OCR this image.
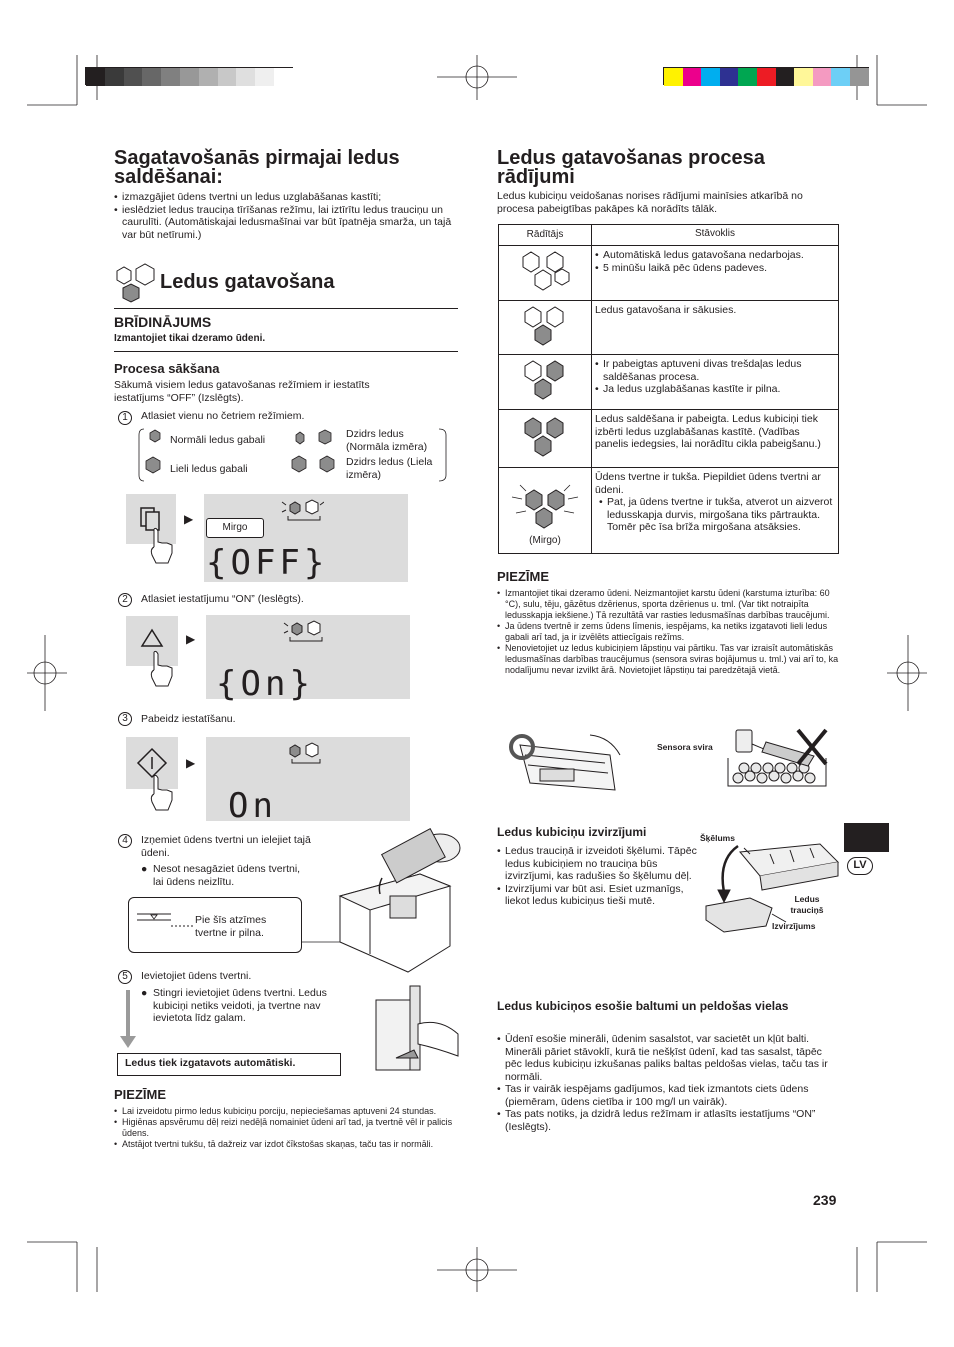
Sagatavošanās pirmajai ledus saldēšanai:
• izmazgājiet ūdens tvertni un ledus uzglabāšanas kastīti;
• ieslēdziet ledus trauciņa tīrīšanas režīmu, lai iztīrītu ledus trauciņu un caurulīti. (Automātiskajai ledusmašīnai var būt īpatnēja smarža, un tajā var būt netīrumi.)
Ledus gatavošana
BRĪDINĀJUMS
Izmantojiet tikai dzeramo ūdeni.
Procesa sākšana
Sākumā visiem ledus gatavošanas režīmiem ir iestatīts iestatījums “OFF” (Izslēgts).
1	Atlasiet vienu no četriem režīmiem.
Normāli ledus gabali
Lieli ledus gabali
Dzidrs ledus (Normāla izmēra)
Dzidrs ledus (Liela izmēra)
▶
{OFF}
Mirgo
2	Atlasiet iestatījumu “ON” (Ieslēgts).
▶
{On}
3	Pabeidz iestatīšanu.
▶
On
4	Izņemiet ūdens tvertni un ielejiet tajā ūdeni.
● Nesot nesagāziet ūdens tvertni, lai ūdens neizlītu.
Pie šīs atzīmes tvertne ir pilna.
5	Ievietojiet ūdens tvertni.
● Stingri ievietojiet ūdens tvertni. Ledus kubiciņi netiks veidoti, ja tvertne nav ievietota līdz galam.
Ledus tiek izgatavots automātiski.
PIEZĪME
• Lai izveidotu pirmo ledus kubiciņu porciju, nepieciešamas aptuveni 24 stundas.
• Higiēnas apsvērumu dēļ reizi nedēļā nomainiet ūdeni arī tad, ja tvertnē vēl ir palicis ūdens.
• Atstājot tvertni tukšu, tā dažreiz var izdot čīkstošas skaņas, taču tas ir normāli.
Ledus gatavošanas procesa rādījumi
Ledus kubiciņu veidošanas norises rādījumi mainīsies atkarībā no procesa pabeigtības pakāpes kā norādīts tālāk.
Rādītājs	Stāvoklis

• Automātiskā ledus gatavošana nedarbojas.
• 5 minūšu laikā pēc ūdens padeves.

	Ledus gatavošana ir sākusies.

• Ir pabeigtas aptuveni divas trešdaļas ledus saldēšanas procesa.
• Ja ledus uzglabāšanas kastīte ir pilna.

	Ledus saldēšana ir pabeigta. Ledus kubiciņi tiek izbērti ledus uzglabāšanas kastītē. (Vadības panelis iedegsies, lai norādītu cikla pabeigšanu.)

(Mirgo)	Ūdens tvertne ir tukša. Piepildiet ūdens tvertni ar ūdeni.
• Pat, ja ūdens tvertne ir tukša, atverot un aizverot ledusskapja durvis, mirgošana tiks pārtraukta. Tomēr pēc īsa brīža mirgošana atsāksies.
PIEZĪME
• Izmantojiet tikai dzeramo ūdeni. Neizmantojiet karstu ūdeni (karstuma izturība: 60 °C), sulu, tēju, gāzētus dzērienus, sporta dzērienus u. tml. (Var tikt notraipīta ledusskapja iekšiene.) Tā rezultātā var rasties ledusmašīnas darbības traucējumi.
• Ja ūdens tvertnē ir zems ūdens līmenis, iespējams, ka netiks izgatavoti lieli ledus gabali arī tad, ja ir izvēlēts attiecīgais režīms.
• Nenovietojiet uz ledus kubiciņiem lāpstiņu vai pārtiku. Tas var izraisīt automātiskās ledusmašīnas darbības traucējumus (sensora sviras bojājumus u. tml.) vai arī to, ka nodalījumu nevar izvilkt ārā. Novietojiet lāpstiņu tai paredzētajā vietā.
Sensora svira
Ledus kubiciņu izvirzījumi
• Ledus trauciņā ir izveidoti šķēlumi. Tāpēc ledus kubiciņiem no trauciņa būs izvirzījumi, kas radušies šo šķēlumu dēļ.
• Izvirzījumi var būt asi. Esiet uzmanīgs, liekot ledus kubiciņus tieši mutē.
Šķēlums
Ledus trauciņš
Izvirzījums
Ledus kubiciņos esošie baltumi un peldošas vielas
• Ūdenī esošie minerāli, ūdenim sasalstot, var sacietēt un kļūt balti. Minerāli pāriet stāvoklī, kurā tie nešķīst ūdenī, kad tas sasalst, tāpēc pēc ledus kubiciņu izkušanas paliks baltas peldošas vielas, taču tas ir normāli.
• Tas ir vairāk iespējams gadījumos, kad tiek izmantots ciets ūdens (piemēram, ūdens cietība ir 100 mg/l un vairāk).
• Tas pats notiks, ja dzidrā ledus režīmam ir atlasīts iestatījums “ON” (Ieslēgts).
LV
239
